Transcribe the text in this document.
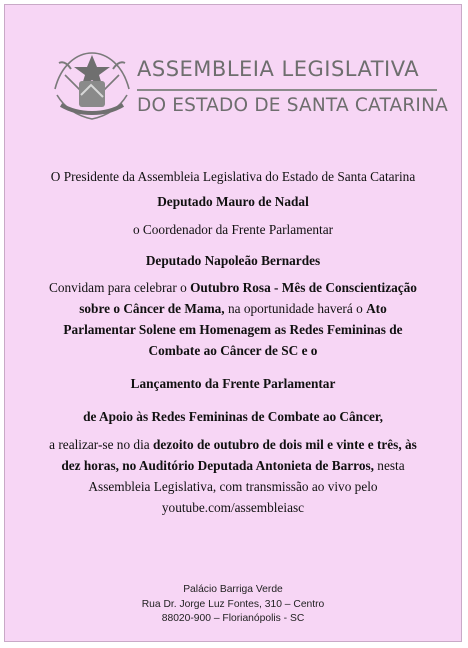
ASSEMBLEIA LEGISLATIVA
DO ESTADO DE SANTA CATARINA
O Presidente da Assembleia Legislativa do Estado de Santa Catarina
Deputado Mauro de Nadal
o Coordenador da Frente Parlamentar
Deputado Napoleão Bernardes
Convidam para celebrar o Outubro Rosa - Mês de Conscientização
sobre o Câncer de Mama, na oportunidade haverá o Ato
Parlamentar Solene em Homenagem as Redes Femininas de
Combate ao Câncer de SC e o
Lançamento da Frente Parlamentar
de Apoio às Redes Femininas de Combate ao Câncer,
a realizar-se no dia dezoito de outubro de dois mil e vinte e três, às
dez horas, no Auditório Deputada Antonieta de Barros, nesta
Assembleia Legislativa, com transmissão ao vivo pelo
youtube.com/assembleiasc
Palácio Barriga Verde
Rua Dr. Jorge Luz Fontes, 310 – Centro
88020-900 – Florianópolis - SC
